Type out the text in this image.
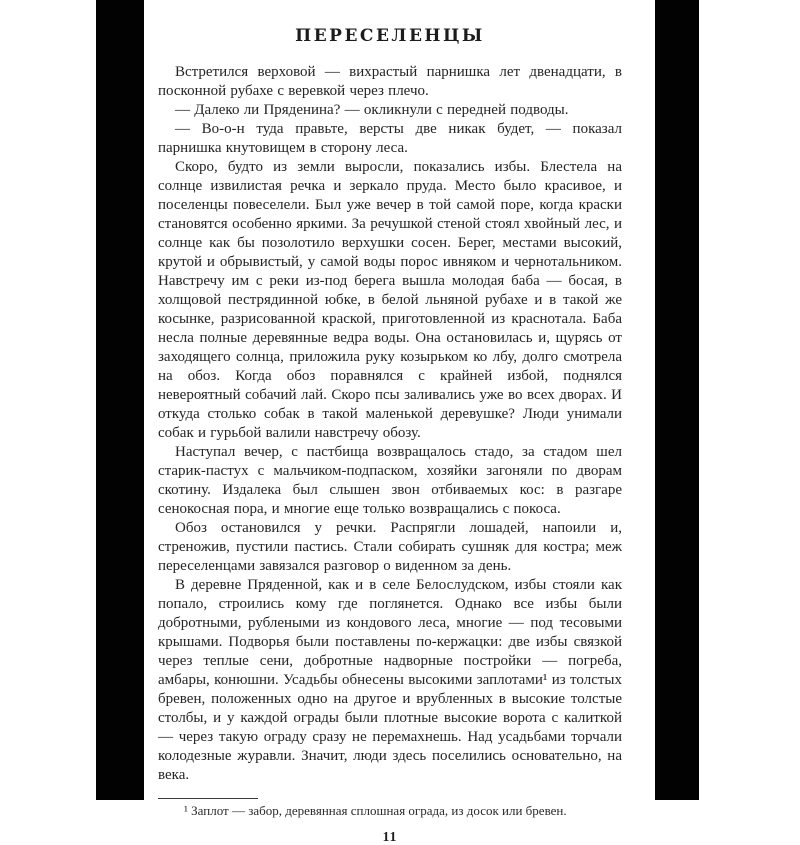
ПЕРЕСЕЛЕНЦЫ

Встретился верховой — вихрастый парнишка лет двенадцати, в посконной рубахе с веревкой через плечо.

— Далеко ли Пряденина? — окликнули с передней подводы.

— Во-о-н туда правьте, версты две никак будет, — показал парнишка кнутовищем в сторону леса.

Скоро, будто из земли выросли, показались избы. Блестела на солнце извилистая речка и зеркало пруда. Место было красивое, и поселенцы повеселели. Был уже вечер в той самой поре, когда краски становятся особенно яркими. За речушкой стеной стоял хвойный лес, и солнце как бы позолотило верхушки сосен. Берег, местами высокий, крутой и обрывистый, у самой воды порос ивняком и чернотальником. Навстречу им с реки из-под берега вышла молодая баба — босая, в холщовой пестрядинной юбке, в белой льняной рубахе и в такой же косынке, разрисованной краской, приготовленной из краснотала. Баба несла полные деревянные ведра воды. Она остановилась и, щурясь от заходящего солнца, приложила руку козырьком ко лбу, долго смотрела на обоз. Когда обоз поравнялся с крайней избой, поднялся невероятный собачий лай. Скоро псы заливались уже во всех дворах. И откуда столько собак в такой маленькой деревушке? Люди унимали собак и гурьбой валили навстречу обозу.

Наступал вечер, с пастбища возвращалось стадо, за стадом шел старик-пастух с мальчиком-подпаском, хозяйки загоняли по дворам скотину. Издалека был слышен звон отбиваемых кос: в разгаре сенокосная пора, и многие еще только возвращались с покоса.

Обоз остановился у речки. Распрягли лошадей, напоили и, стреножив, пустили пастись. Стали собирать сушняк для костра; меж переселенцами завязался разговор о виденном за день.

В деревне Пряденной, как и в селе Белослудском, избы стояли как попало, строились кому где поглянется. Однако все избы были добротными, рублеными из кондового леса, многие — под тесовыми крышами. Подворья были поставлены по-кержацки: две избы связкой через теплые сени, добротные надворные постройки — погреба, амбары, конюшни. Усадьбы обнесены высокими заплотами¹ из толстых бревен, положенных одно на другое и врубленных в высокие толстые столбы, и у каждой ограды были плотные высокие ворота с калиткой — через такую ограду сразу не перемахнешь. Над усадьбами торчали колодезные журавли. Значит, люди здесь поселились основательно, на века.

¹ Заплот — забор, деревянная сплошная ограда, из досок или бревен.

11
